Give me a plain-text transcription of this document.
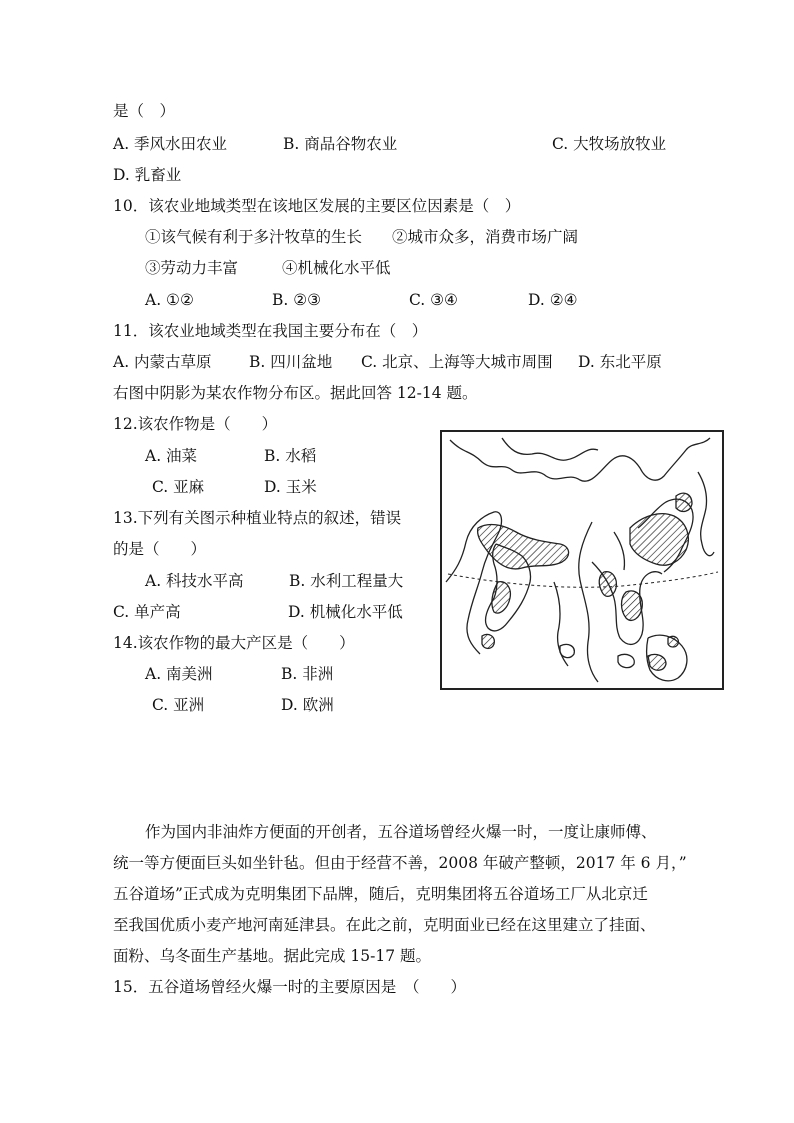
是（　）
A. 季风水田农业	B. 商品谷物农业	C. 大牧场放牧业
D. 乳畜业
10．该农业地域类型在该地区发展的主要区位因素是（　）
①该气候有利于多汁牧草的生长 ②城市众多，消费市场广阔
③劳动力丰富	④机械化水平低
A. ①②	B. ②③	C. ③④	D. ②④
11．该农业地域类型在我国主要分布在（　）
A. 内蒙古草原 B. 四川盆地 C. 北京、上海等大城市周围 D. 东北平原
右图中阴影为某农作物分布区。据此回答 12-14 题。
12.该农作物是（　　）
A. 油菜	B. 水稻
C. 亚麻	D. 玉米
13.下列有关图示种植业特点的叙述，错误
的是（　　）
A. 科技水平高	B. 水利工程量大
C. 单产高	D. 机械化水平低
14.该农作物的最大产区是（　　）
A. 南美洲	B. 非洲
C. 亚洲	D. 欧洲
作为国内非油炸方便面的开创者，五谷道场曾经火爆一时，一度让康师傅、
统一等方便面巨头如坐针毡。但由于经营不善，2008 年破产整顿，2017 年 6 月，”
五谷道场”正式成为克明集团下品牌，随后，克明集团将五谷道场工厂从北京迁
至我国优质小麦产地河南延津县。在此之前，克明面业已经在这里建立了挂面、
面粉、乌冬面生产基地。据此完成 15-17 题。
15．五谷道场曾经火爆一时的主要原因是　（　　）
